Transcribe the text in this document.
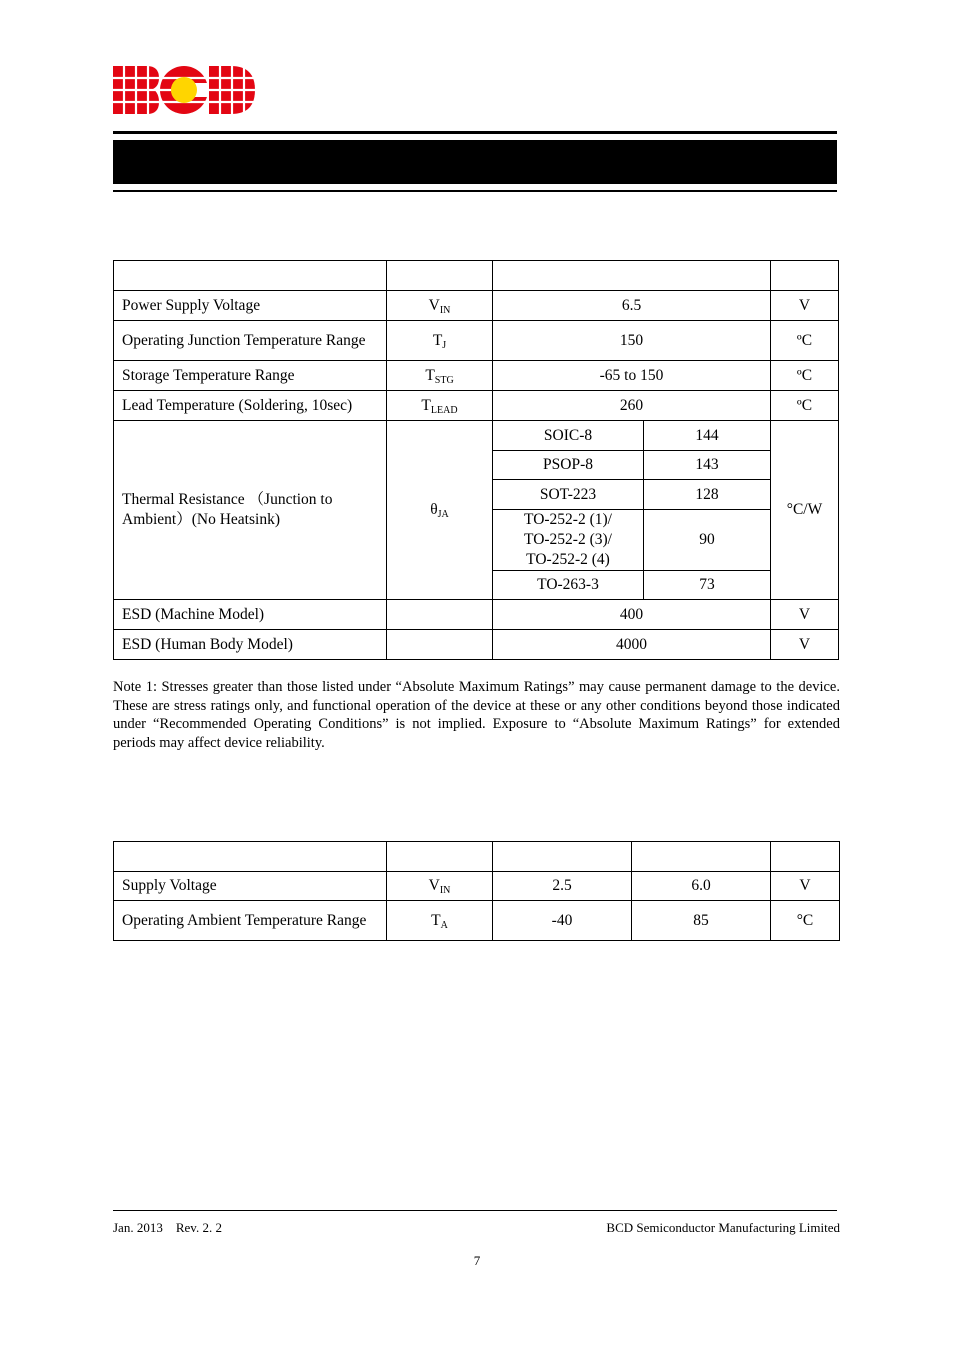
Power Supply Voltage	$V_{IN}$	6.5		V
Operating Junction Temperature Range	$T_J$	150		ºC
Storage Temperature Range	$T_{STG}$	-65 to 150		ºC
Lead Temperature (Soldering, 10sec)	$T_{LEAD}$	260		ºC
Thermal Resistance （Junction to Ambient）(No Heatsink)	$\theta_{JA}$	SOIC-8	144	°C/W
		PSOP-8	143	
		SOT-223	128	
		TO-252-2 (1)/
TO-252-2 (3)/
TO-252-2 (4)	90	
		TO-263-3	73	
ESD (Machine Model)		400		V
ESD (Human Body Model)		4000		V

Note 1: Stresses greater than those listed under “Absolute Maximum Ratings” may cause permanent damage to the device. These are stress ratings only, and functional operation of the device at these or any other conditions beyond those indicated under “Recommended Operating Conditions” is not implied. Exposure to “Absolute Maximum Ratings” for extended periods may affect device reliability.

Supply Voltage	$V_{IN}$	2.5	6.0	V
Operating Ambient Temperature Range	$T_A$	-40	85	°C
Jan. 2013 Rev. 2. 2	BCD Semiconductor Manufacturing Limited
7
